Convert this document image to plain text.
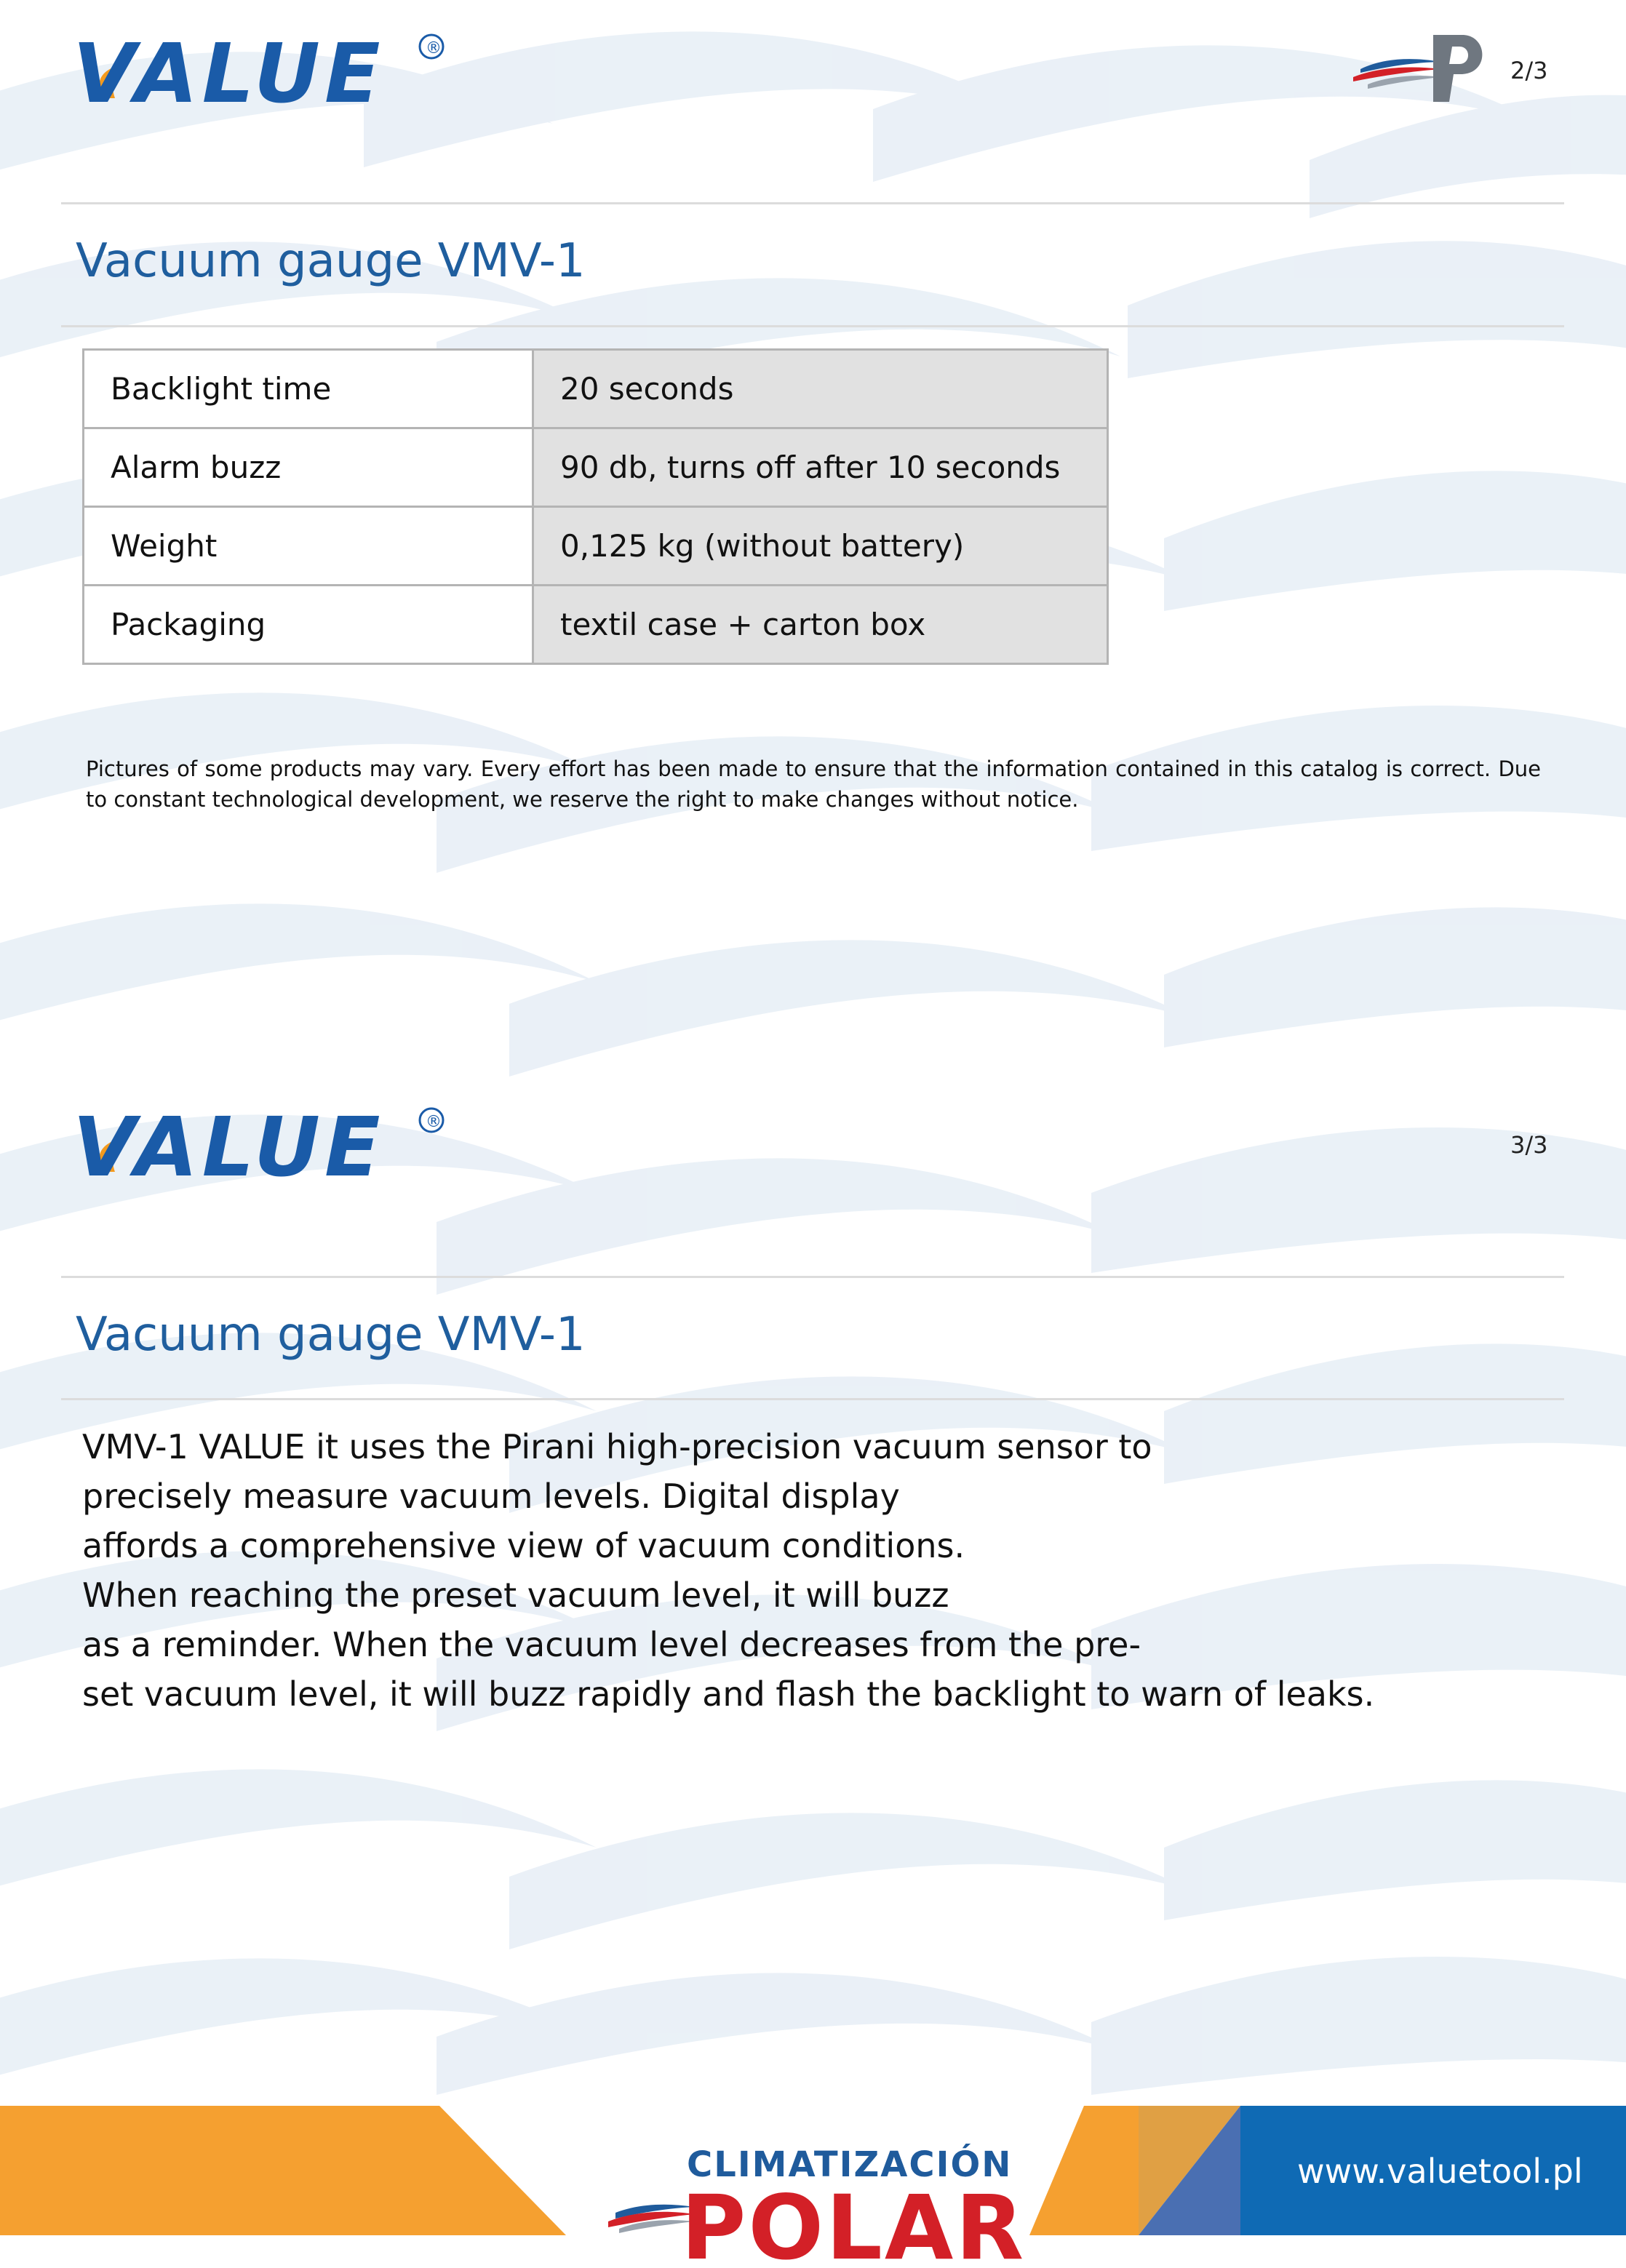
VALUE	®
2/3
Vacuum gauge VMV-1
Backlight time	20 seconds
Alarm buzz	90 db, turns off after 10 seconds
Weight	0,125 kg (without battery)
Packaging	textil case + carton box

Pictures of some products may vary. Every effort has been made to ensure that the information contained in this catalog is correct. Due to constant technological development, we reserve the right to make changes without notice.

VALUE	®
3/3
Vacuum gauge VMV-1
VMV-1 VALUE it uses the Pirani high-precision vacuum sensor to
precisely measure vacuum levels. Digital display
affords a comprehensive view of vacuum conditions.
When reaching the preset vacuum level, it will buzz
as a reminder. When the vacuum level decreases from the pre-
set vacuum level, it will buzz rapidly and flash the backlight to warn of leaks.
CLIMATIZACIÓN
POLAR
www.valuetool.pl
